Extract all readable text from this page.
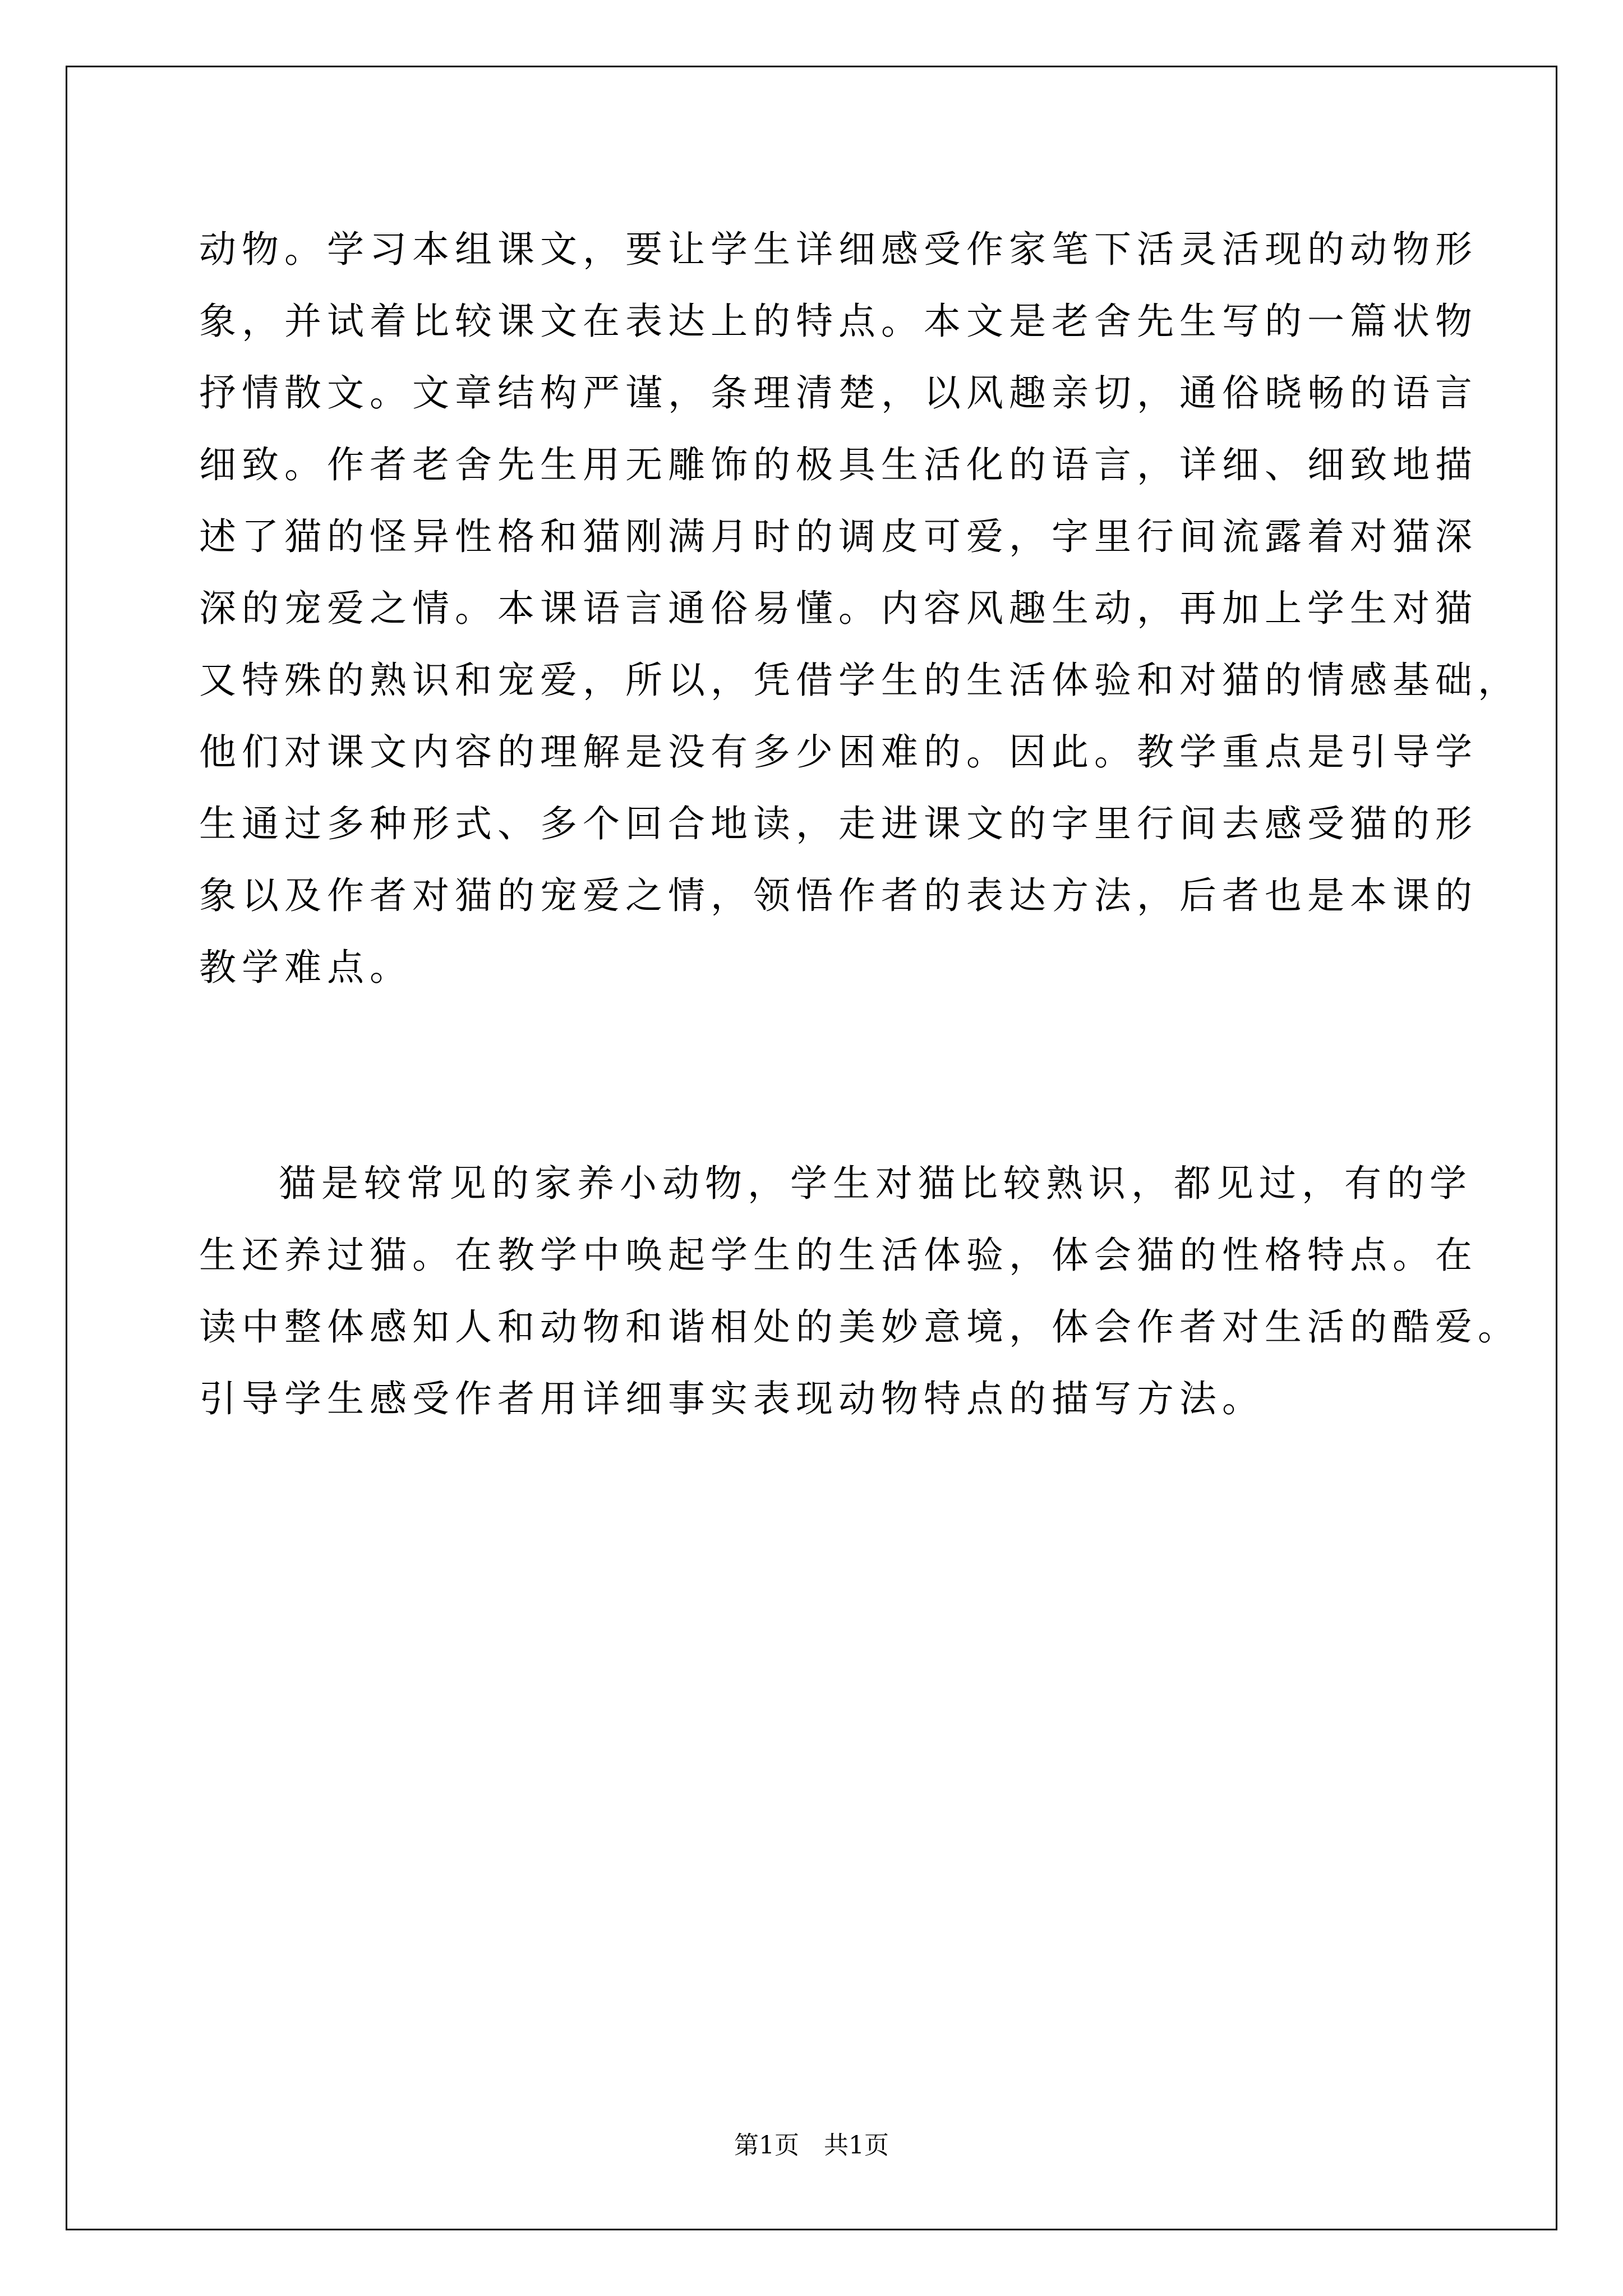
动物。学习本组课文，要让学生详细感受作家笔下活灵活现的动物形
象，并试着比较课文在表达上的特点。本文是老舍先生写的一篇状物
抒情散文。文章结构严谨，条理清楚，以风趣亲切，通俗晓畅的语言
细致。作者老舍先生用无雕饰的极具生活化的语言，详细、细致地描
述了猫的怪异性格和猫刚满月时的调皮可爱，字里行间流露着对猫深
深的宠爱之情。本课语言通俗易懂。内容风趣生动，再加上学生对猫
又特殊的熟识和宠爱，所以，凭借学生的生活体验和对猫的情感基础，
他们对课文内容的理解是没有多少困难的。因此。教学重点是引导学
生通过多种形式、多个回合地读，走进课文的字里行间去感受猫的形
象以及作者对猫的宠爱之情，领悟作者的表达方法，后者也是本课的
教学难点。
猫是较常见的家养小动物，学生对猫比较熟识，都见过，有的学
生还养过猫。在教学中唤起学生的生活体验，体会猫的性格特点。在
读中整体感知人和动物和谐相处的美妙意境，体会作者对生活的酷爱。
引导学生感受作者用详细事实表现动物特点的描写方法。
第1页　共1页
